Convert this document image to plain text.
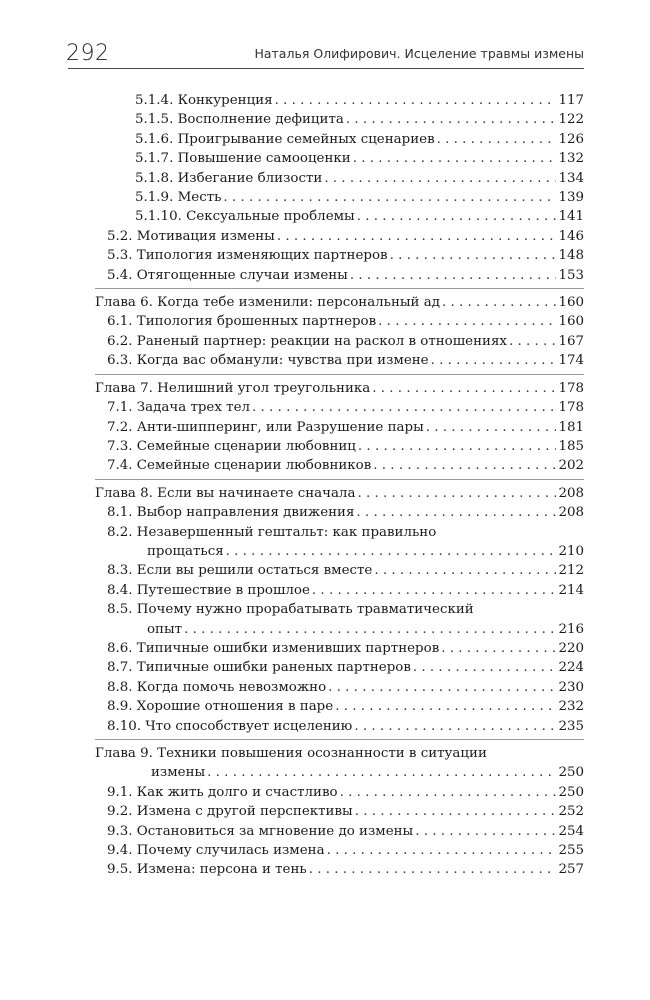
292	Наталья Олифирович. Исцеление травмы измены
5.1.4. Конкуренция . . .	117
5.1.5. Восполнение дефицита . . .	122
5.1.6. Проигрывание семейных сценариев . . .	126
5.1.7. Повышение самооценки . . .	132
5.1.8. Избегание близости . . .	134
5.1.9. Месть . . .	139
5.1.10. Сексуальные проблемы . . .	141
5.2. Мотивация измены . . .	146
5.3. Типология изменяющих партнеров . . .	148
5.4. Отягощенные случаи измены . . .	153
Глава 6. Когда тебе изменили: персональный ад . . .	160
6.1. Типология брошенных партнеров . . .	160
6.2. Раненый партнер: реакции на раскол в отношениях . . .	167
6.3. Когда вас обманули: чувства при измене . . .	174
Глава 7. Нелишний угол треугольника . . .	178
7.1. Задача трех тел . . .	178
7.2. Анти-шиппеpинг, или Разрушение пары . . .	181
7.3. Семейные сценарии любовниц . . .	185
7.4. Семейные сценарии любовников . . .	202
Глава 8. Если вы начинаете сначала . . .	208
8.1. Выбор направления движения . . .	208
8.2. Незавершенный гештальт: как правильно
прощаться . . .	210
8.3. Если вы решили остаться вместе . . .	212
8.4. Путешествие в прошлое . . .	214
8.5. Почему нужно прорабатывать травматический
опыт . . .	216
8.6. Типичные ошибки изменивших партнеров . . .	220
8.7. Типичные ошибки раненых партнеров . . .	224
8.8. Когда помочь невозможно . . .	230
8.9. Хорошие отношения в паре . . .	232
8.10. Что способствует исцелению . . .	235
Глава 9. Техники повышения осознанности в ситуации
измены . . .	250
9.1. Как жить долго и счастливо . . .	250
9.2. Измена с другой перспективы . . .	252
9.3. Остановиться за мгновение до измены . . .	254
9.4. Почему случилась измена . . .	255
9.5. Измена: персона и тень . . .	257
